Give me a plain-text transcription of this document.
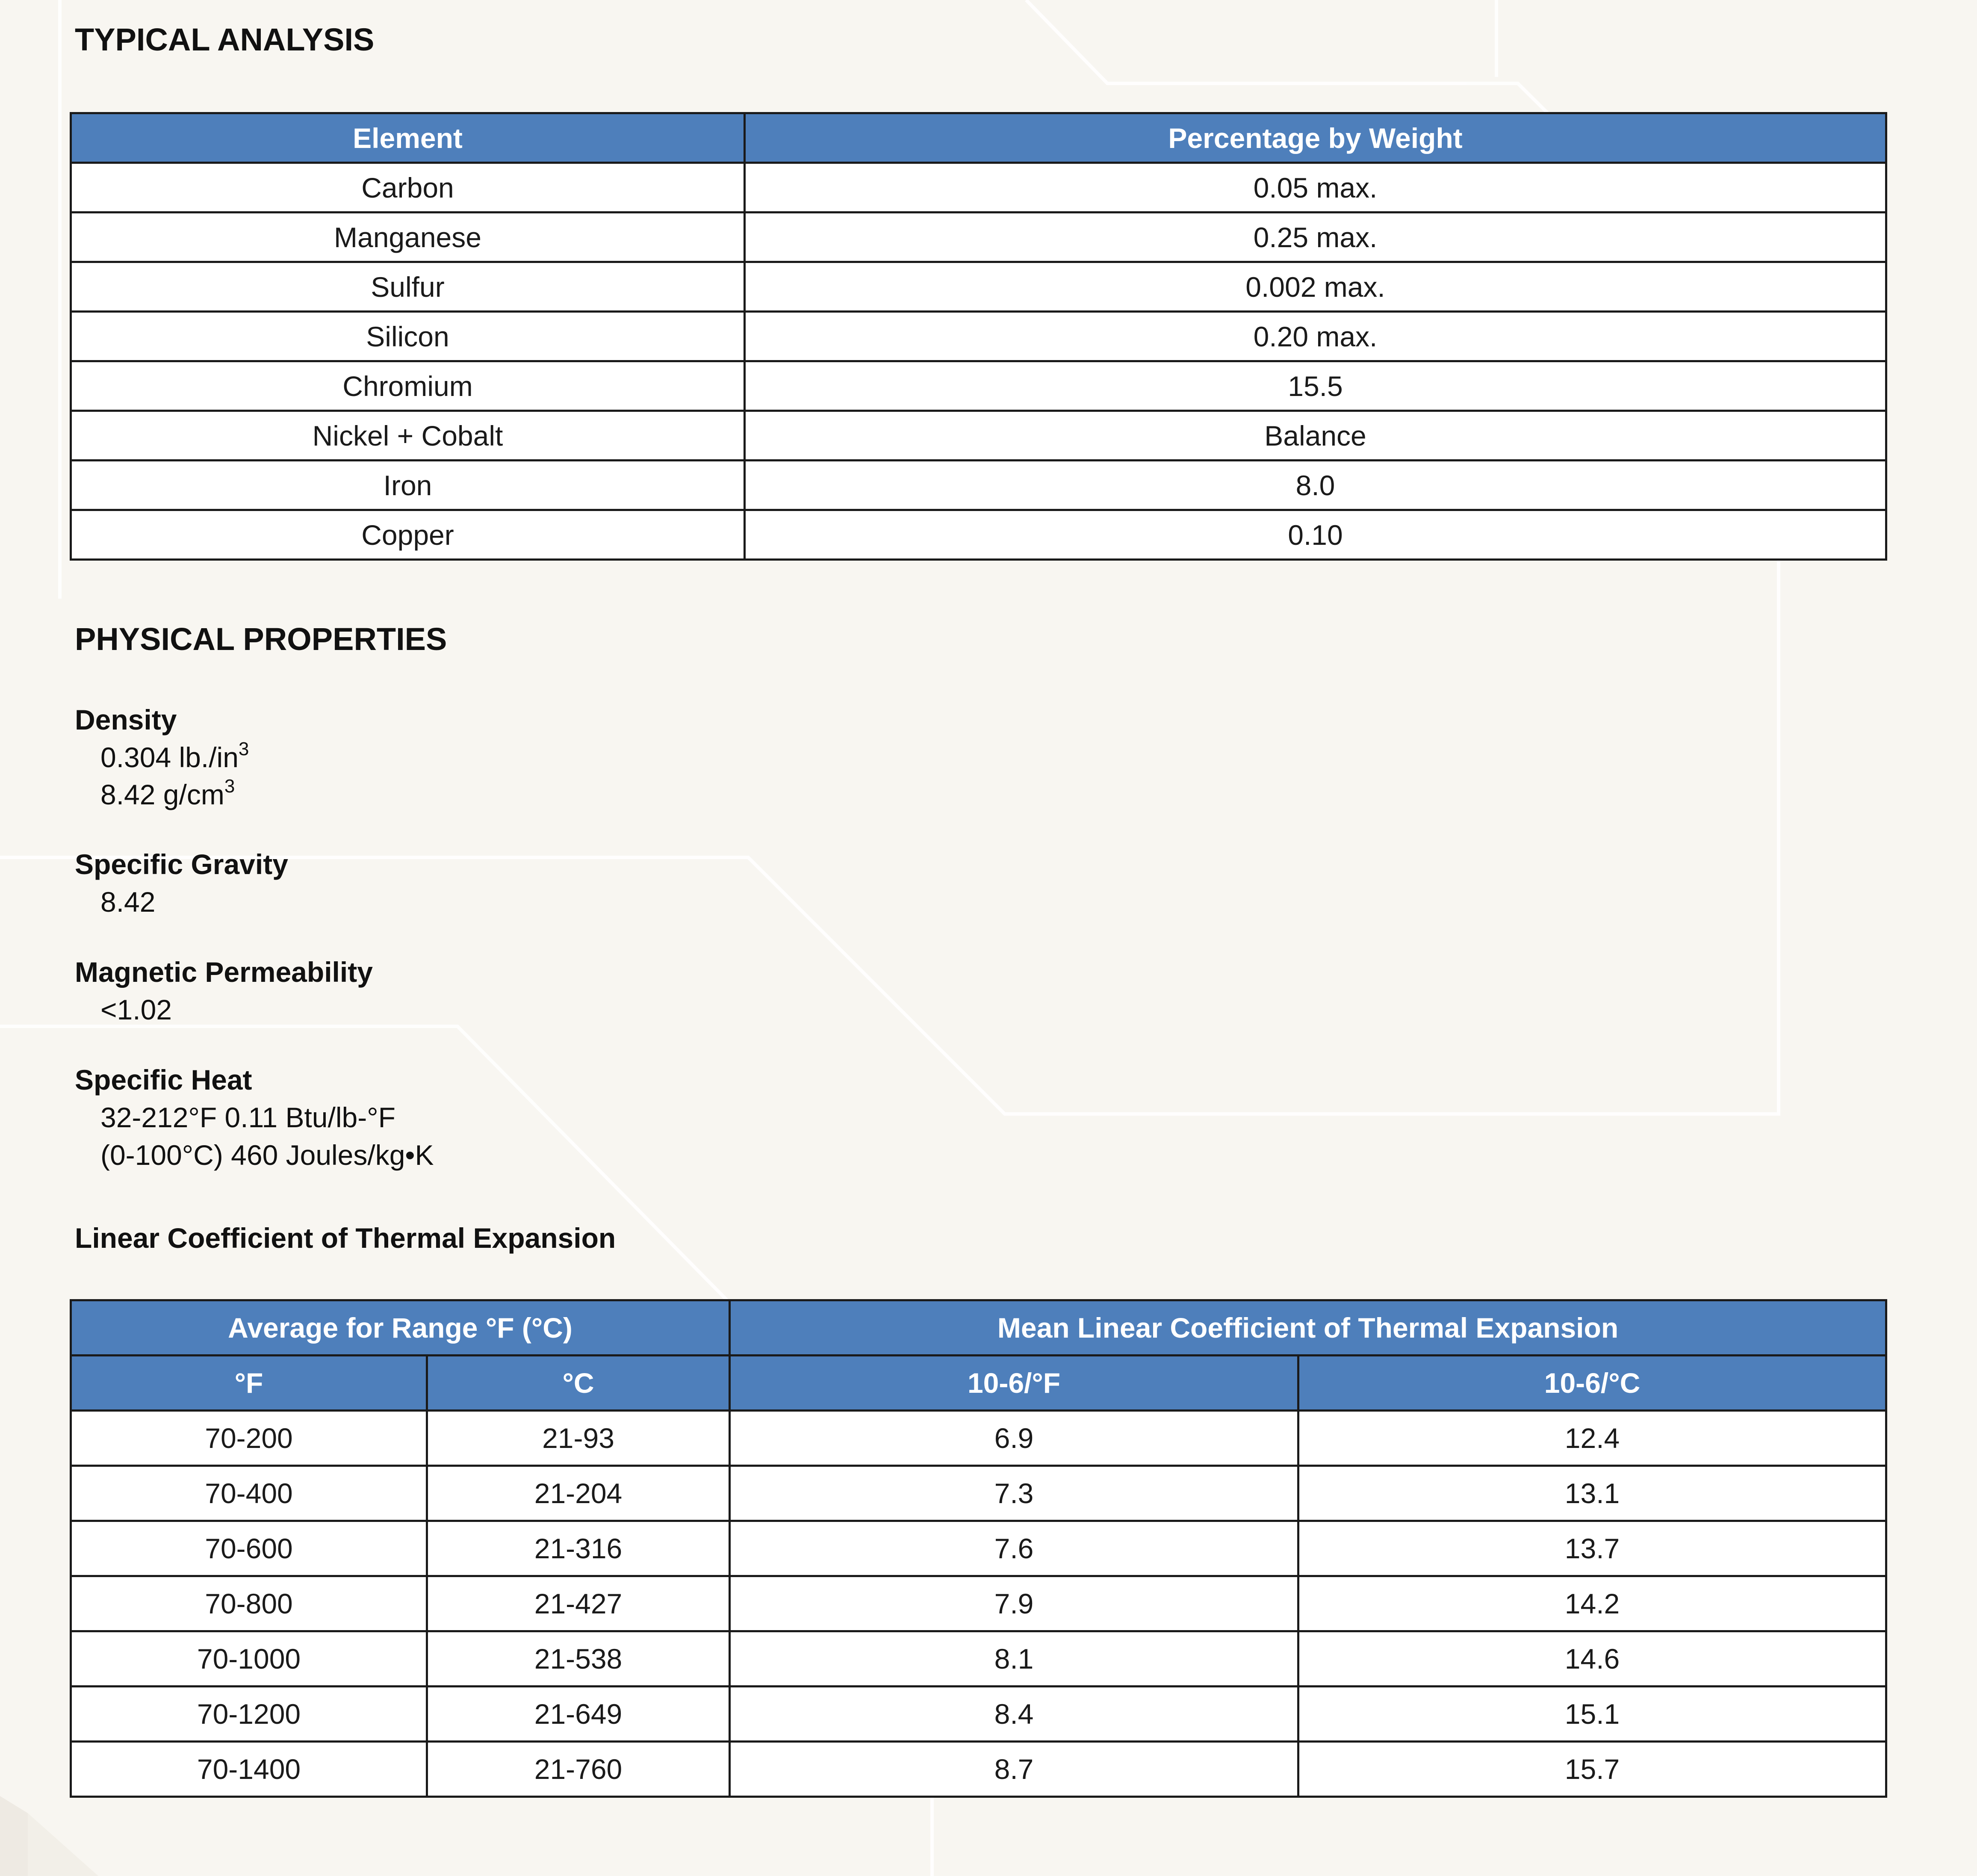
TYPICAL ANALYSIS
Element	Percentage by Weight
Carbon	0.05 max.
Manganese	0.25 max.
Sulfur	0.002 max.
Silicon	0.20 max.
Chromium	15.5
Nickel + Cobalt	Balance
Iron	8.0
Copper	0.10
PHYSICAL PROPERTIES

Density

0.304 $lb./in^3$

8.42 $g/cm^3$

Specific Gravity

8.42

Magnetic Permeability

<1.02

Specific Heat

32-212°F 0.11 Btu/lb-°F

(0-100°C) 460 Joules/kg•K

Linear Coefficient of Thermal Expansion

Average for Range °F (°C)		Mean Linear Coefficient of Thermal Expansion	
°F	°C	10-6/°F	10-6/°C
70-200	21-93	6.9	12.4
70-400	21-204	7.3	13.1
70-600	21-316	7.6	13.7
70-800	21-427	7.9	14.2
70-1000	21-538	8.1	14.6
70-1200	21-649	8.4	15.1
70-1400	21-760	8.7	15.7
